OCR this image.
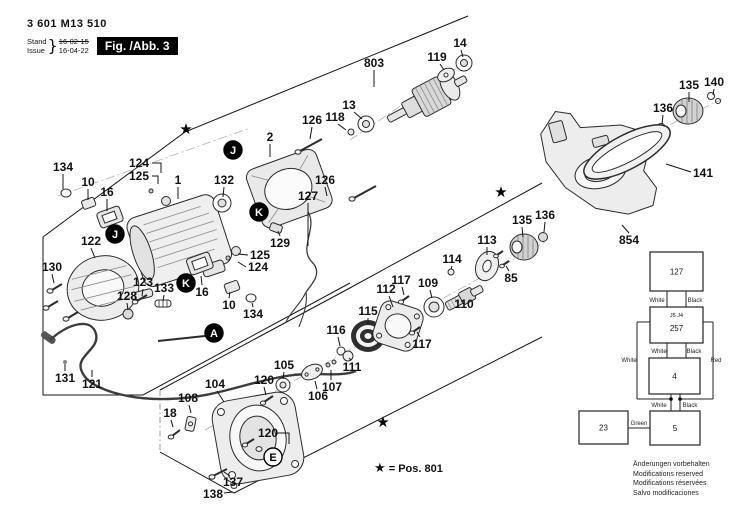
134
10
16
124
125 1	132
2
126 118
13
803	119
14
126
127
129
122
130
123 133
128
125
124
16
10
134
131 121
135 140
136
141
854
136
135
113
114
85
117 109
112
110
115
116
117
111
105
107
106
104
108
18
120
120
137
138
J
J
K
K
A
E
★
★
★
127
J5 J4
257
4
5
23
White	Black
White	Black
White	Red
White	Black
Green
3 601 M13 510
Stand
Issue } 16-02-15
16-04-22	Fig. /Abb. 3
★ = Pos. 801	Änderungen vorbehalten
Modifications reserved
Modifications réservées
Salvo modificaciones
